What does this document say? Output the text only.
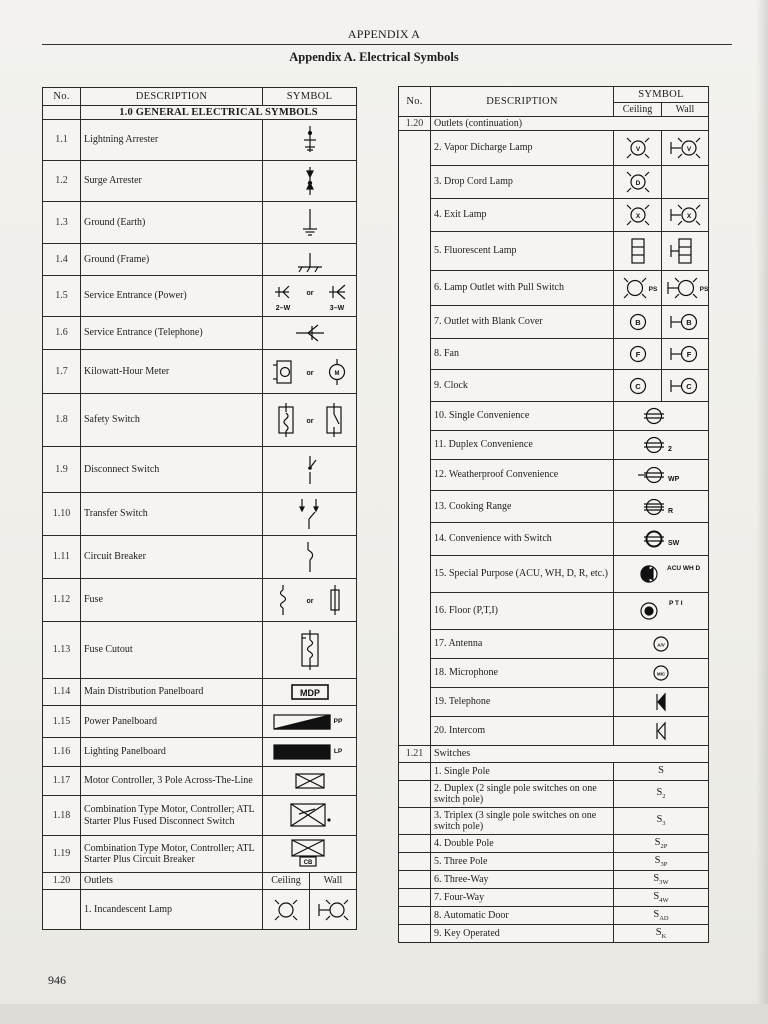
APPENDIX A
Appendix A. Electrical Symbols
No.	DESCRIPTION	SYMBOL	
	1.0 GENERAL ELECTRICAL SYMBOLS		
1.1	Lightning Arrester	

1.2	Surge Arrester	

1.3	Ground (Earth)	

1.4	Ground (Frame)	

1.5	Service Entrance (Power)	or
2–W 3–W	

1.6	Service Entrance (Telephone)	

1.7	Kilowatt-Hour Meter	or M	

1.8	Safety Switch	or	

1.9	Disconnect Switch	

1.10	Transfer Switch	

1.11	Circuit Breaker	

1.12	Fuse	or	

1.13	Fuse Cutout	

1.14	Main Distribution Panelboard	MDP	

1.15	Power Panelboard	PP	

1.16	Lighting Panelboard	LP	

1.17	Motor Controller, 3 Pole Across-The-Line	

1.18	Combination Type Motor, Controller; ATL Starter Plus Fused Disconnect Switch	

1.19	Combination Type Motor, Controller; ATL Starter Plus Circuit Breaker	CB	

1.20	Outlets	Ceiling	Wall
	1. Incandescent Lamp	

No.	DESCRIPTION	SYMBOL	
		Ceiling	Wall
1.20	Outlets (continuation)		
	2. Vapor Dicharge Lamp	V	V

	3. Drop Cord Lamp	D	

	4. Exit Lamp	X	X

	5. Fluorescent Lamp	

	6. Lamp Outlet with Pull Switch	PS	PS

	7. Outlet with Blank Cover	B	B

	8. Fan	F	F

	9. Clock	C	C

	10. Single Convenience	

	11. Duplex Convenience	2	

	12. Weatherproof Convenience	WP	

	13. Cooking Range	R	

	14. Convenience with Switch	SW	

	15. Special Purpose (ACU, WH, D, R, etc.)	ACU WH D	

	16. Floor (P,T,I)	P T I	

	17. Antenna	A/V	

	18. Microphone	MIC	

	19. Telephone	

	20. Intercom	

1.21	Switches		
	1. Single Pole	S	
	2. Duplex (2 single pole switches on one switch pole)	$S_2$
	3. Triplex (3 single pole switches on one switch pole)	$S_3$
	4. Double Pole	$S_{2P}$
	5. Three Pole	$S_{3P}$
	6. Three-Way	$S_{3W}$
	7. Four-Way	$S_{4W}$
	8. Automatic Door	$S_{AD}$
	9. Key Operated	$S_K$
946
